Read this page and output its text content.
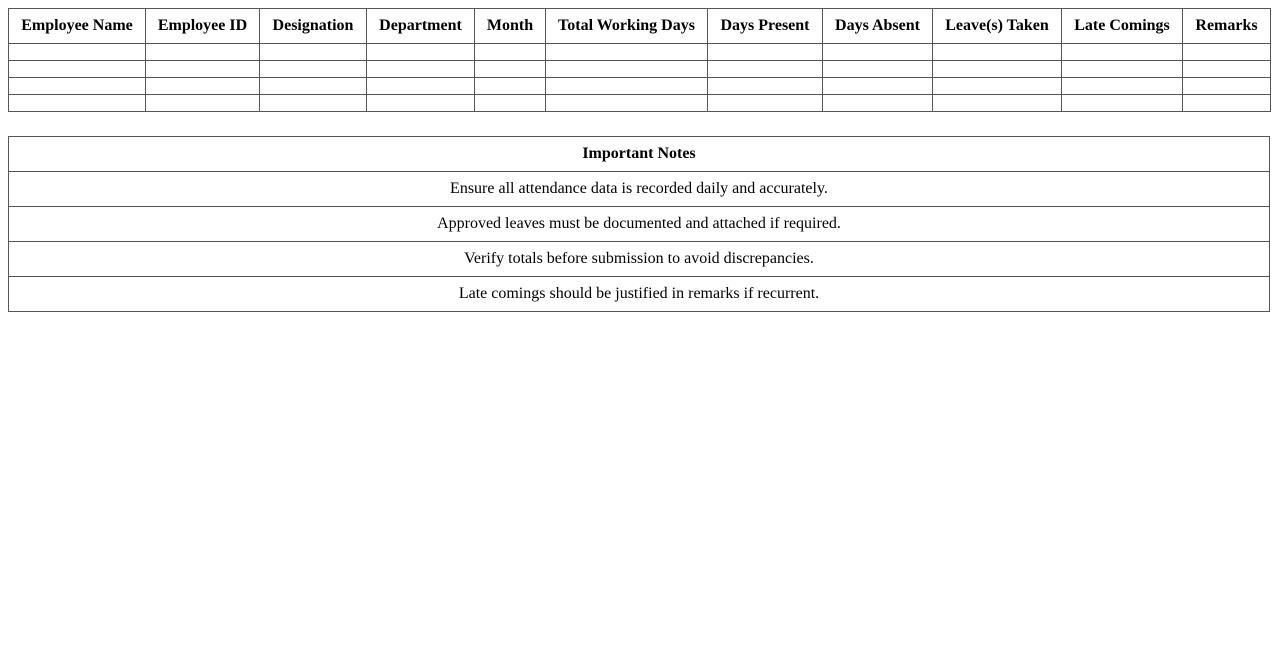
Employee Name	Employee ID	Designation	Department	Month	Total Working Days	Days Present	Days Absent	Leave(s) Taken	Late Comings	Remarks

Important Notes
Ensure all attendance data is recorded daily and accurately.
Approved leaves must be documented and attached if required.
Verify totals before submission to avoid discrepancies.
Late comings should be justified in remarks if recurrent.
